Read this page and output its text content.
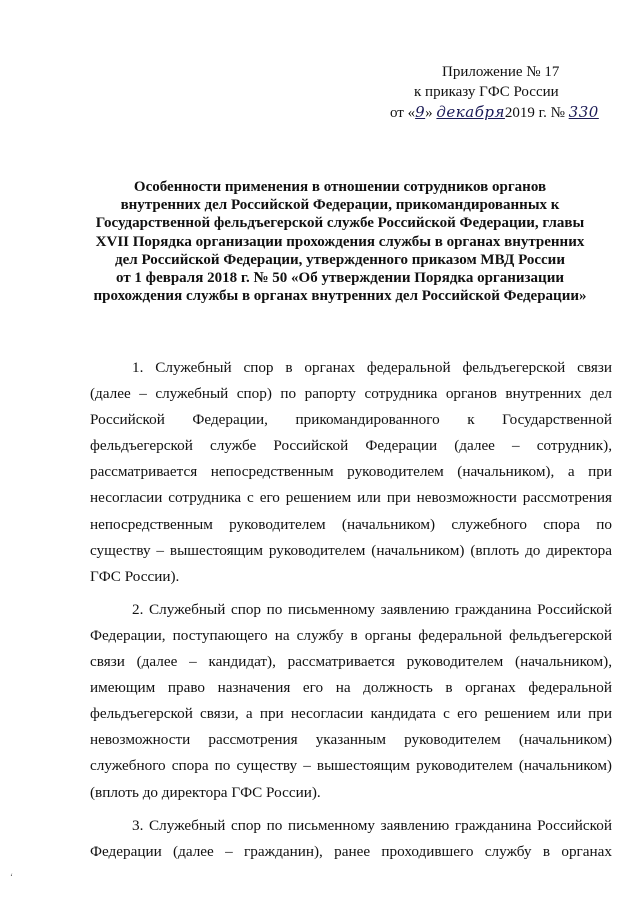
Приложение № 17
к приказу ГФС России
от «9» декабря2019 г. № 330
Особенности применения в отношении сотрудников органов
внутренних дел Российской Федерации, прикомандированных к
Государственной фельдъегерской службе Российской Федерации, главы
XVII Порядка организации прохождения службы в органах внутренних
дел Российской Федерации, утвержденного приказом МВД России
от 1 февраля 2018 г. № 50 «Об утверждении Порядка организации
прохождения службы в органах внутренних дел Российской Федерации»
1. Служебный спор в органах федеральной фельдъегерской связи
(далее – служебный спор) по рапорту сотрудника органов внутренних дел
Российской Федерации, прикомандированного к Государственной
фельдъегерской службе Российской Федерации (далее – сотрудник),
рассматривается непосредственным руководителем (начальником), а при
несогласии сотрудника с его решением или при невозможности рассмотрения
непосредственным руководителем (начальником) служебного спора по
существу – вышестоящим руководителем (начальником) (вплоть до директора
ГФС России).
2. Служебный спор по письменному заявлению гражданина Российской
Федерации, поступающего на службу в органы федеральной фельдъегерской
связи (далее – кандидат), рассматривается руководителем (начальником),
имеющим право назначения его на должность в органах федеральной
фельдъегерской связи, а при несогласии кандидата с его решением или при
невозможности рассмотрения указанным руководителем (начальником)
служебного спора по существу – вышестоящим руководителем (начальником)
(вплоть до директора ГФС России).
3. Служебный спор по письменному заявлению гражданина Российской
Федерации (далее – гражданин), ранее проходившего службу в органах
ʻ
